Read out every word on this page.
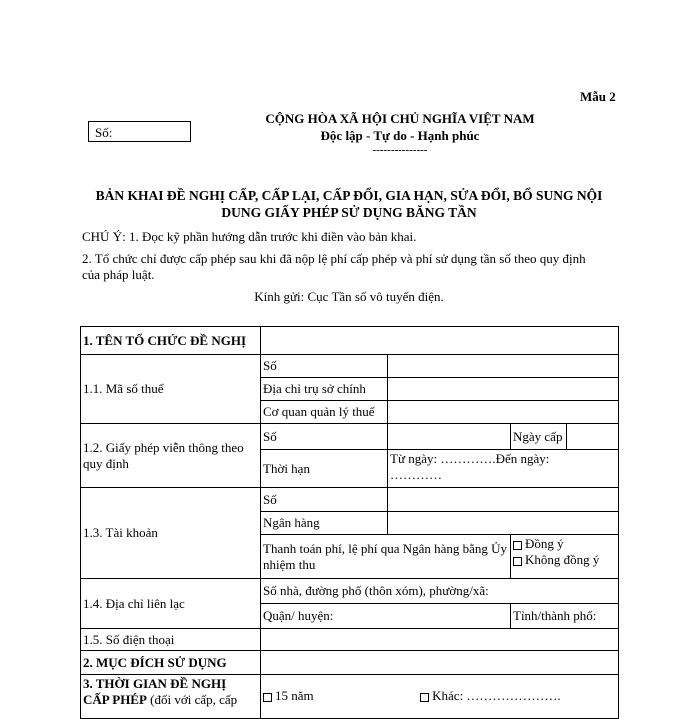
Mẫu 2
Số:
CỘNG HÒA XÃ HỘI CHỦ NGHĨA VIỆT NAM
Độc lập - Tự do - Hạnh phúc
---------------
BẢN KHAI ĐỀ NGHỊ CẤP, CẤP LẠI, CẤP ĐỔI, GIA HẠN, SỬA ĐỔI, BỔ SUNG NỘI
DUNG GIẤY PHÉP SỬ DỤNG BĂNG TẦN
CHÚ Ý: 1. Đọc kỹ phần hướng dẫn trước khi điền vào bản khai.
2. Tổ chức chỉ được cấp phép sau khi đã nộp lệ phí cấp phép và phí sử dụng tần số theo quy định
của pháp luật.
Kính gửi: Cục Tần số vô tuyến điện.
1. TÊN TỔ CHỨC ĐỀ NGHỊ				
1.1. Mã số thuế	Số			
	Địa chỉ trụ sở chính			
	Cơ quan quản lý thuế			
1.2. Giấy phép viễn thông theo quy định	Số		Ngày cấp	
	Thời hạn	Từ ngày: ………….Đến ngày:
…………		

1.3. Tài khoản	Số			
	Ngân hàng			
	Thanh toán phí, lệ phí qua Ngân hàng bằng Ủy nhiệm thu		Đồng ý
Không đồng ý	

1.4. Địa chỉ liên lạc	Số nhà, đường phố (thôn xóm), phường/xã:			
	Quận/ huyện:		Tỉnh/thành phố:	
1.5. Số điện thoại				
2. MỤC ĐÍCH SỬ DỤNG				
3. THỜI GIAN ĐỀ NGHỊ
CẤP PHÉP (đối với cấp, cấp	15 năm Khác: ………………….			
